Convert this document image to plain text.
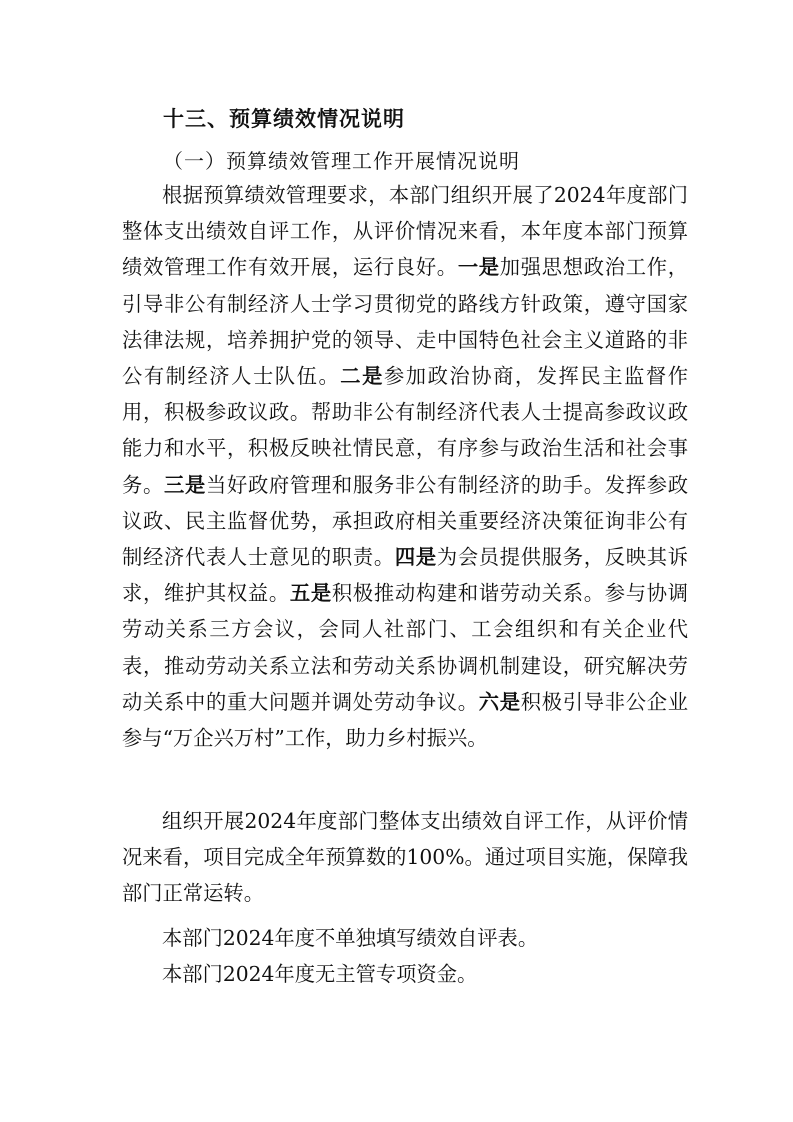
十三、预算绩效情况说明
（一）预算绩效管理工作开展情况说明

根据预算绩效管理要求，本部门组织开展了2024年度部门整体支出绩效自评工作，从评价情况来看，本年度本部门预算绩效管理工作有效开展，运行良好。一是加强思想政治工作，引导非公有制经济人士学习贯彻党的路线方针政策，遵守国家法律法规，培养拥护党的领导、走中国特色社会主义道路的非公有制经济人士队伍。二是参加政治协商，发挥民主监督作用，积极参政议政。帮助非公有制经济代表人士提高参政议政能力和水平，积极反映社情民意，有序参与政治生活和社会事务。三是当好政府管理和服务非公有制经济的助手。发挥参政议政、民主监督优势，承担政府相关重要经济决策征询非公有制经济代表人士意见的职责。四是为会员提供服务，反映其诉求，维护其权益。五是积极推动构建和谐劳动关系。参与协调劳动关系三方会议，会同人社部门、工会组织和有关企业代表，推动劳动关系立法和劳动关系协调机制建设，研究解决劳动关系中的重大问题并调处劳动争议。六是积极引导非公企业参与“万企兴万村”工作，助力乡村振兴。

组织开展2024年度部门整体支出绩效自评工作，从评价情况来看，项目完成全年预算数的100%。通过项目实施，保障我部门正常运转。

本部门2024年度不单独填写绩效自评表。

本部门2024年度无主管专项资金。
